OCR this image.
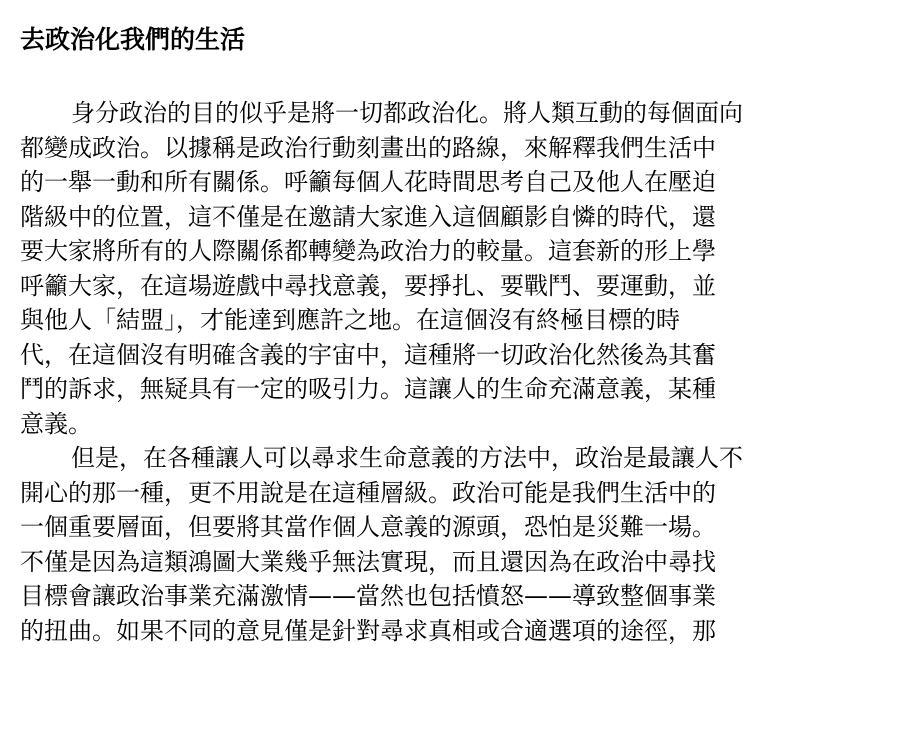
去政治化我們的生活
身分政治的目的似乎是將一切都政治化。將人類互動的每個面向
都變成政治。以據稱是政治行動刻畫出的路線，來解釋我們生活中
的一舉一動和所有關係。呼籲每個人花時間思考自己及他人在壓迫
階級中的位置，這不僅是在邀請大家進入這個顧影自憐的時代，還
要大家將所有的人際關係都轉變為政治力的較量。這套新的形上學
呼籲大家，在這場遊戲中尋找意義，要掙扎、要戰鬥、要運動，並
與他人「結盟」，才能達到應許之地。在這個沒有終極目標的時
代，在這個沒有明確含義的宇宙中，這種將一切政治化然後為其奮
鬥的訴求，無疑具有一定的吸引力。這讓人的生命充滿意義，某種
意義。
但是，在各種讓人可以尋求生命意義的方法中，政治是最讓人不
開心的那一種，更不用說是在這種層級。政治可能是我們生活中的
一個重要層面，但要將其當作個人意義的源頭，恐怕是災難一場。
不僅是因為這類鴻圖大業幾乎無法實現，而且還因為在政治中尋找
目標會讓政治事業充滿激情——當然也包括憤怒——導致整個事業
的扭曲。如果不同的意見僅是針對尋求真相或合適選項的途徑，那
